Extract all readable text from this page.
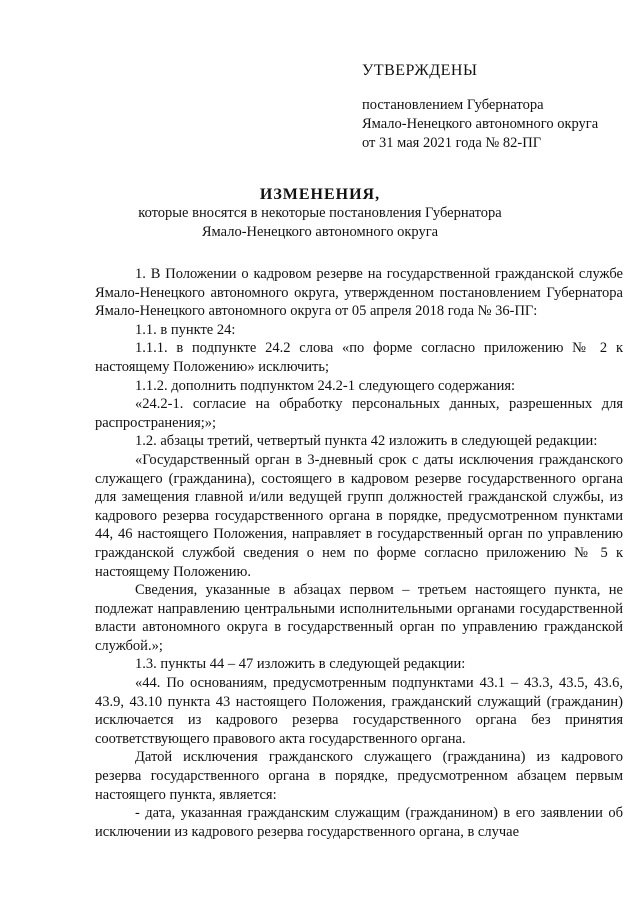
УТВЕРЖДЕНЫ
постановлением Губернатора
Ямало-Ненецкого автономного округа
от 31 мая 2021 года № 82-ПГ
ИЗМЕНЕНИЯ,
которые вносятся в некоторые постановления Губернатора
Ямало-Ненецкого автономного округа

1. В Положении о кадровом резерве на государственной гражданской службе Ямало-Ненецкого автономного округа, утвержденном постановлением Губернатора Ямало-Ненецкого автономного округа от 05 апреля 2018 года № 36-ПГ:

1.1. в пункте 24:

1.1.1. в подпункте 24.2 слова «по форме согласно приложению № 2 к настоящему Положению» исключить;

1.1.2. дополнить подпунктом 24.2-1 следующего содержания:

«24.2-1. согласие на обработку персональных данных, разрешенных для распространения;»;

1.2. абзацы третий, четвертый пункта 42 изложить в следующей редакции:

«Государственный орган в 3-дневный срок с даты исключения гражданского служащего (гражданина), состоящего в кадровом резерве государственного органа для замещения главной и/или ведущей групп должностей гражданской службы, из кадрового резерва государственного органа в порядке, предусмотренном пунктами 44, 46 настоящего Положения, направляет в государственный орган по управлению гражданской службой сведения о нем по форме согласно приложению № 5 к настоящему Положению.

Сведения, указанные в абзацах первом – третьем настоящего пункта, не подлежат направлению центральными исполнительными органами государственной власти автономного округа в государственный орган по управлению гражданской службой.»;

1.3. пункты 44 – 47 изложить в следующей редакции:

«44. По основаниям, предусмотренным подпунктами 43.1 – 43.3, 43.5, 43.6, 43.9, 43.10 пункта 43 настоящего Положения, гражданский служащий (гражданин) исключается из кадрового резерва государственного органа без принятия соответствующего правового акта государственного органа.

Датой исключения гражданского служащего (гражданина) из кадрового резерва государственного органа в порядке, предусмотренном абзацем первым настоящего пункта, является:

- дата, указанная гражданским служащим (гражданином) в его заявлении об исключении из кадрового резерва государственного органа, в случае
